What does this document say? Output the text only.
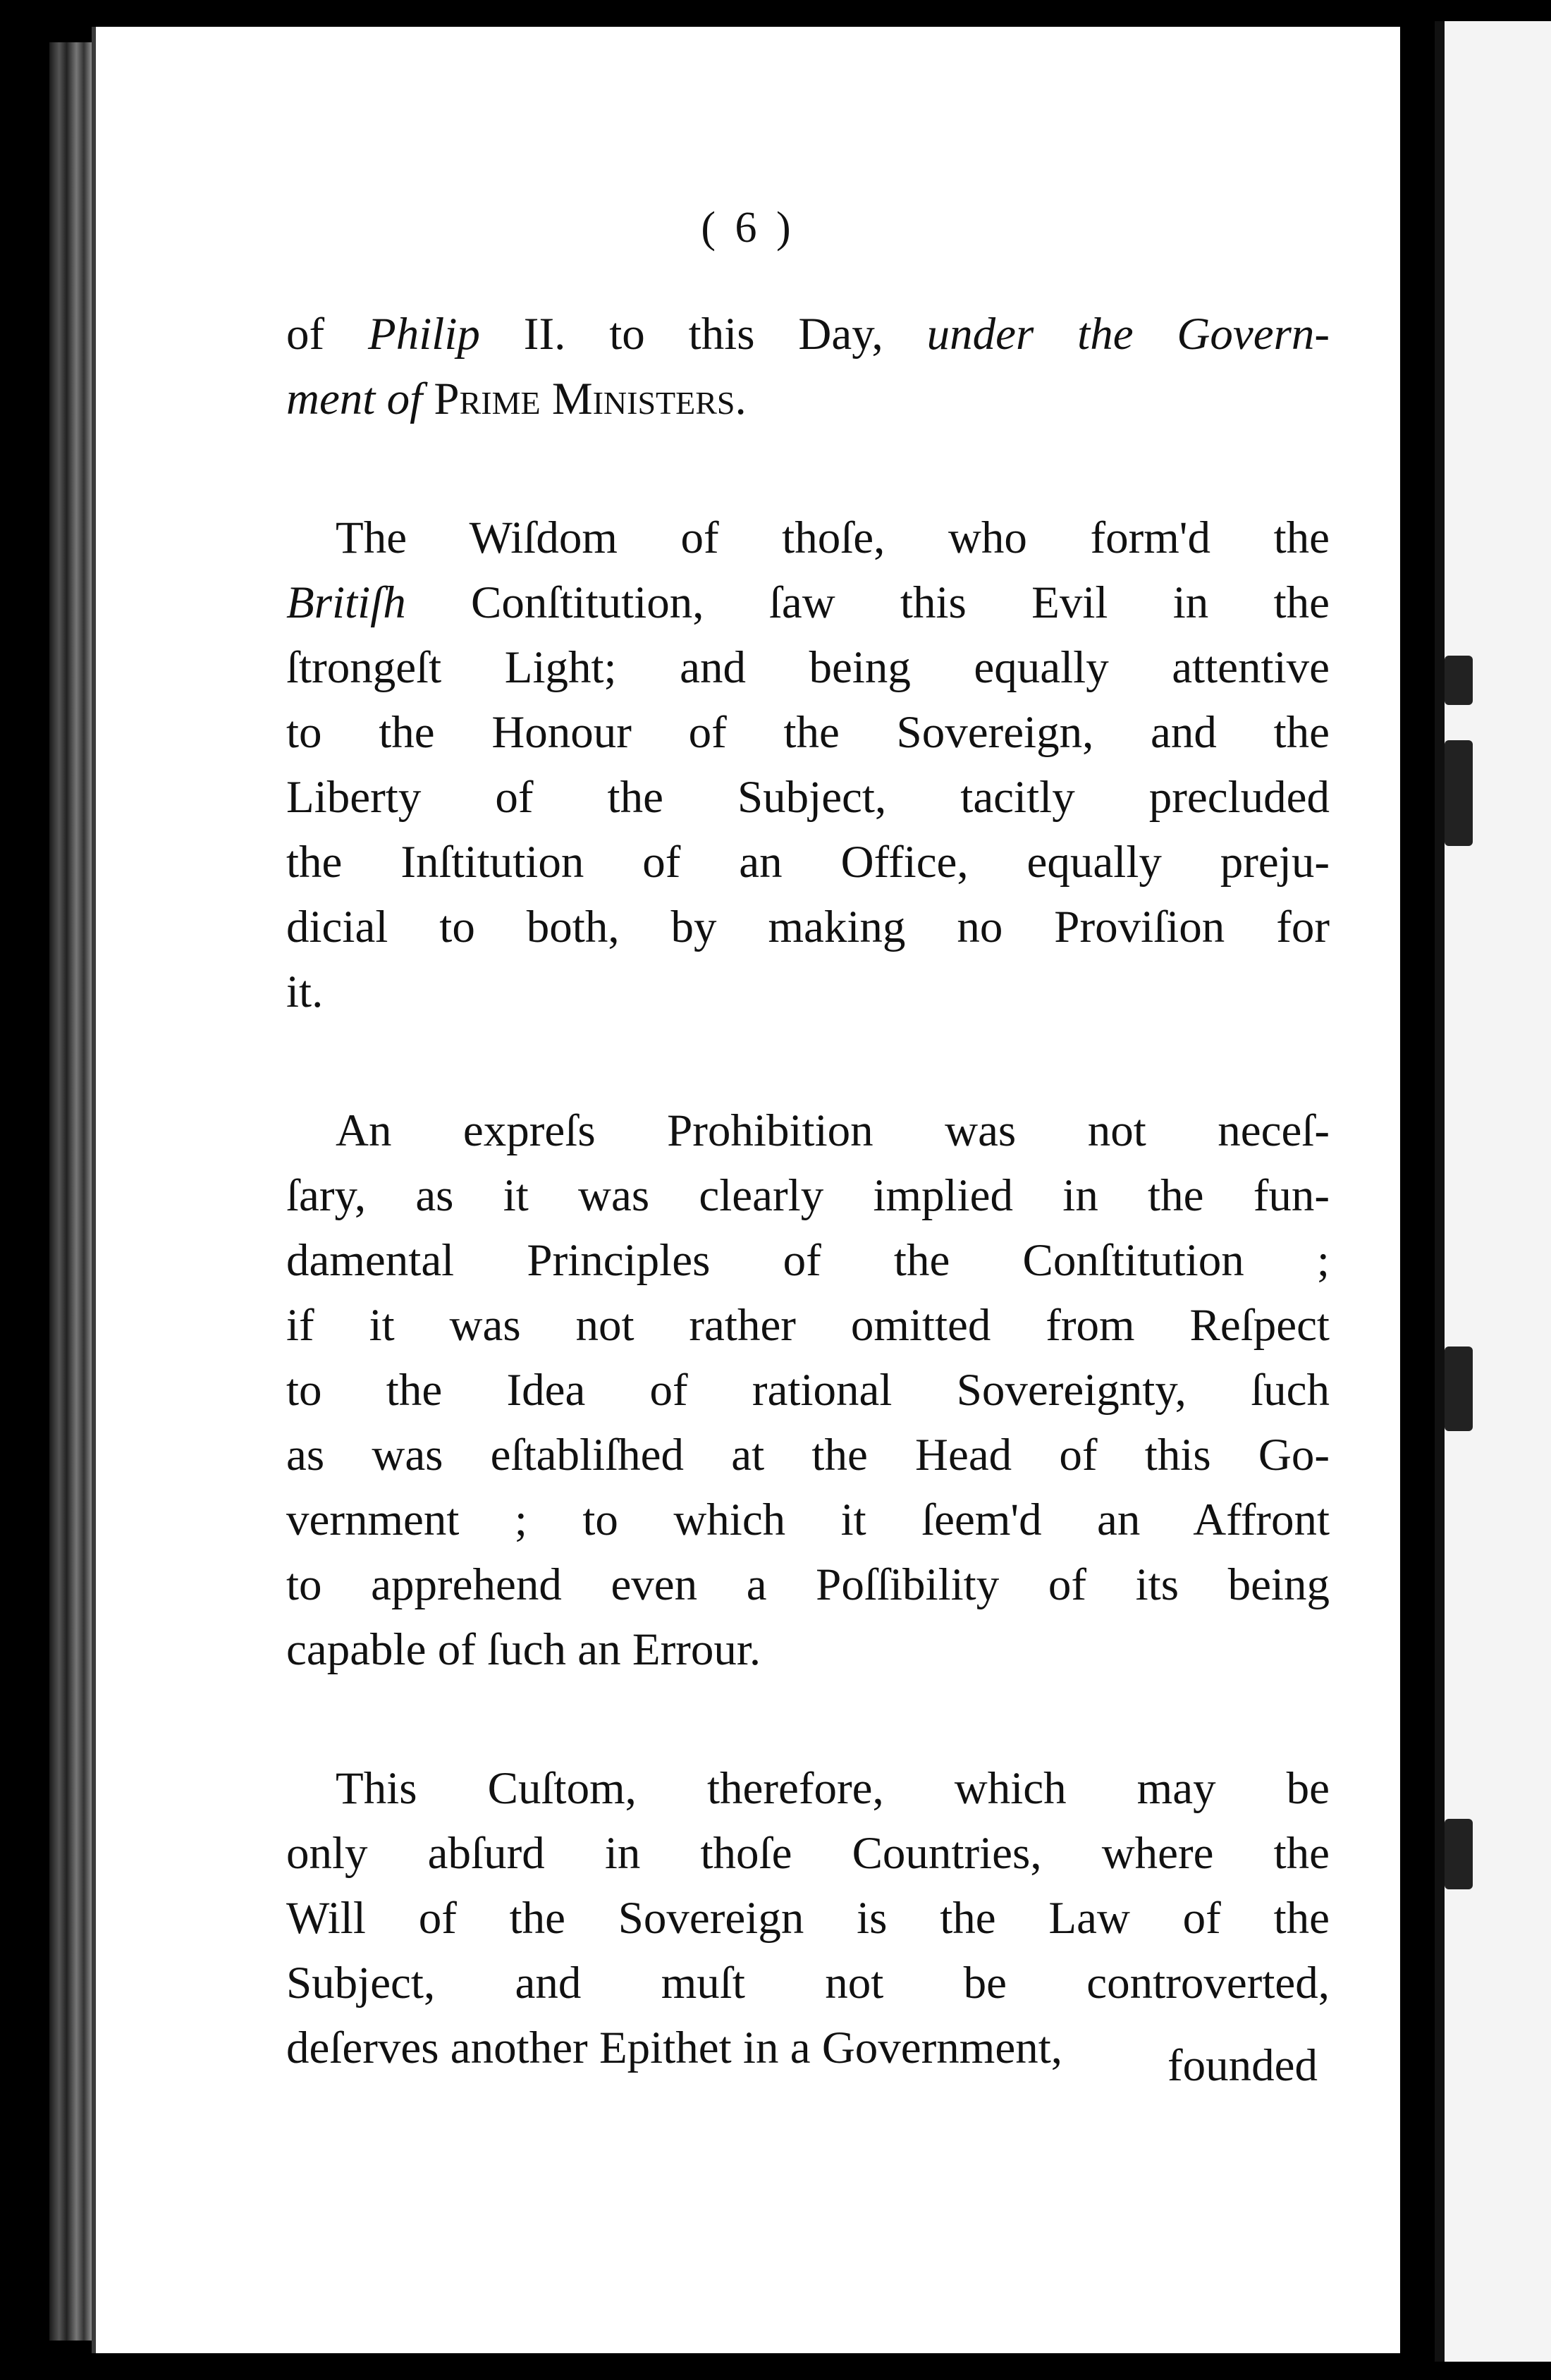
( 6 )
of Philip II. to this Day, under the Govern-
ment of Prime Ministers.
The Wiſdom of thoſe, who form'd the
Britiſh Conſtitution, ſaw this Evil in the
ſtrongeſt Light; and being equally attentive
to the Honour of the Sovereign, and the
Liberty of the Subject, tacitly precluded
the Inſtitution of an Office, equally preju-
dicial to both, by making no Proviſion for
it.
An expreſs Prohibition was not neceſ-
ſary, as it was clearly implied in the fun-
damental Principles of the Conſtitution ;
if it was not rather omitted from Reſpect
to the Idea of rational Sovereignty, ſuch
as was eſtabliſhed at the Head of this Go-
vernment ; to which it ſeem'd an Affront
to apprehend even a Poſſibility of its being
capable of ſuch an Errour.
This Cuſtom, therefore, which may be
only abſurd in thoſe Countries, where the
Will of the Sovereign is the Law of the
Subject, and muſt not be controverted,
deſerves another Epithet in a Government,	founded
